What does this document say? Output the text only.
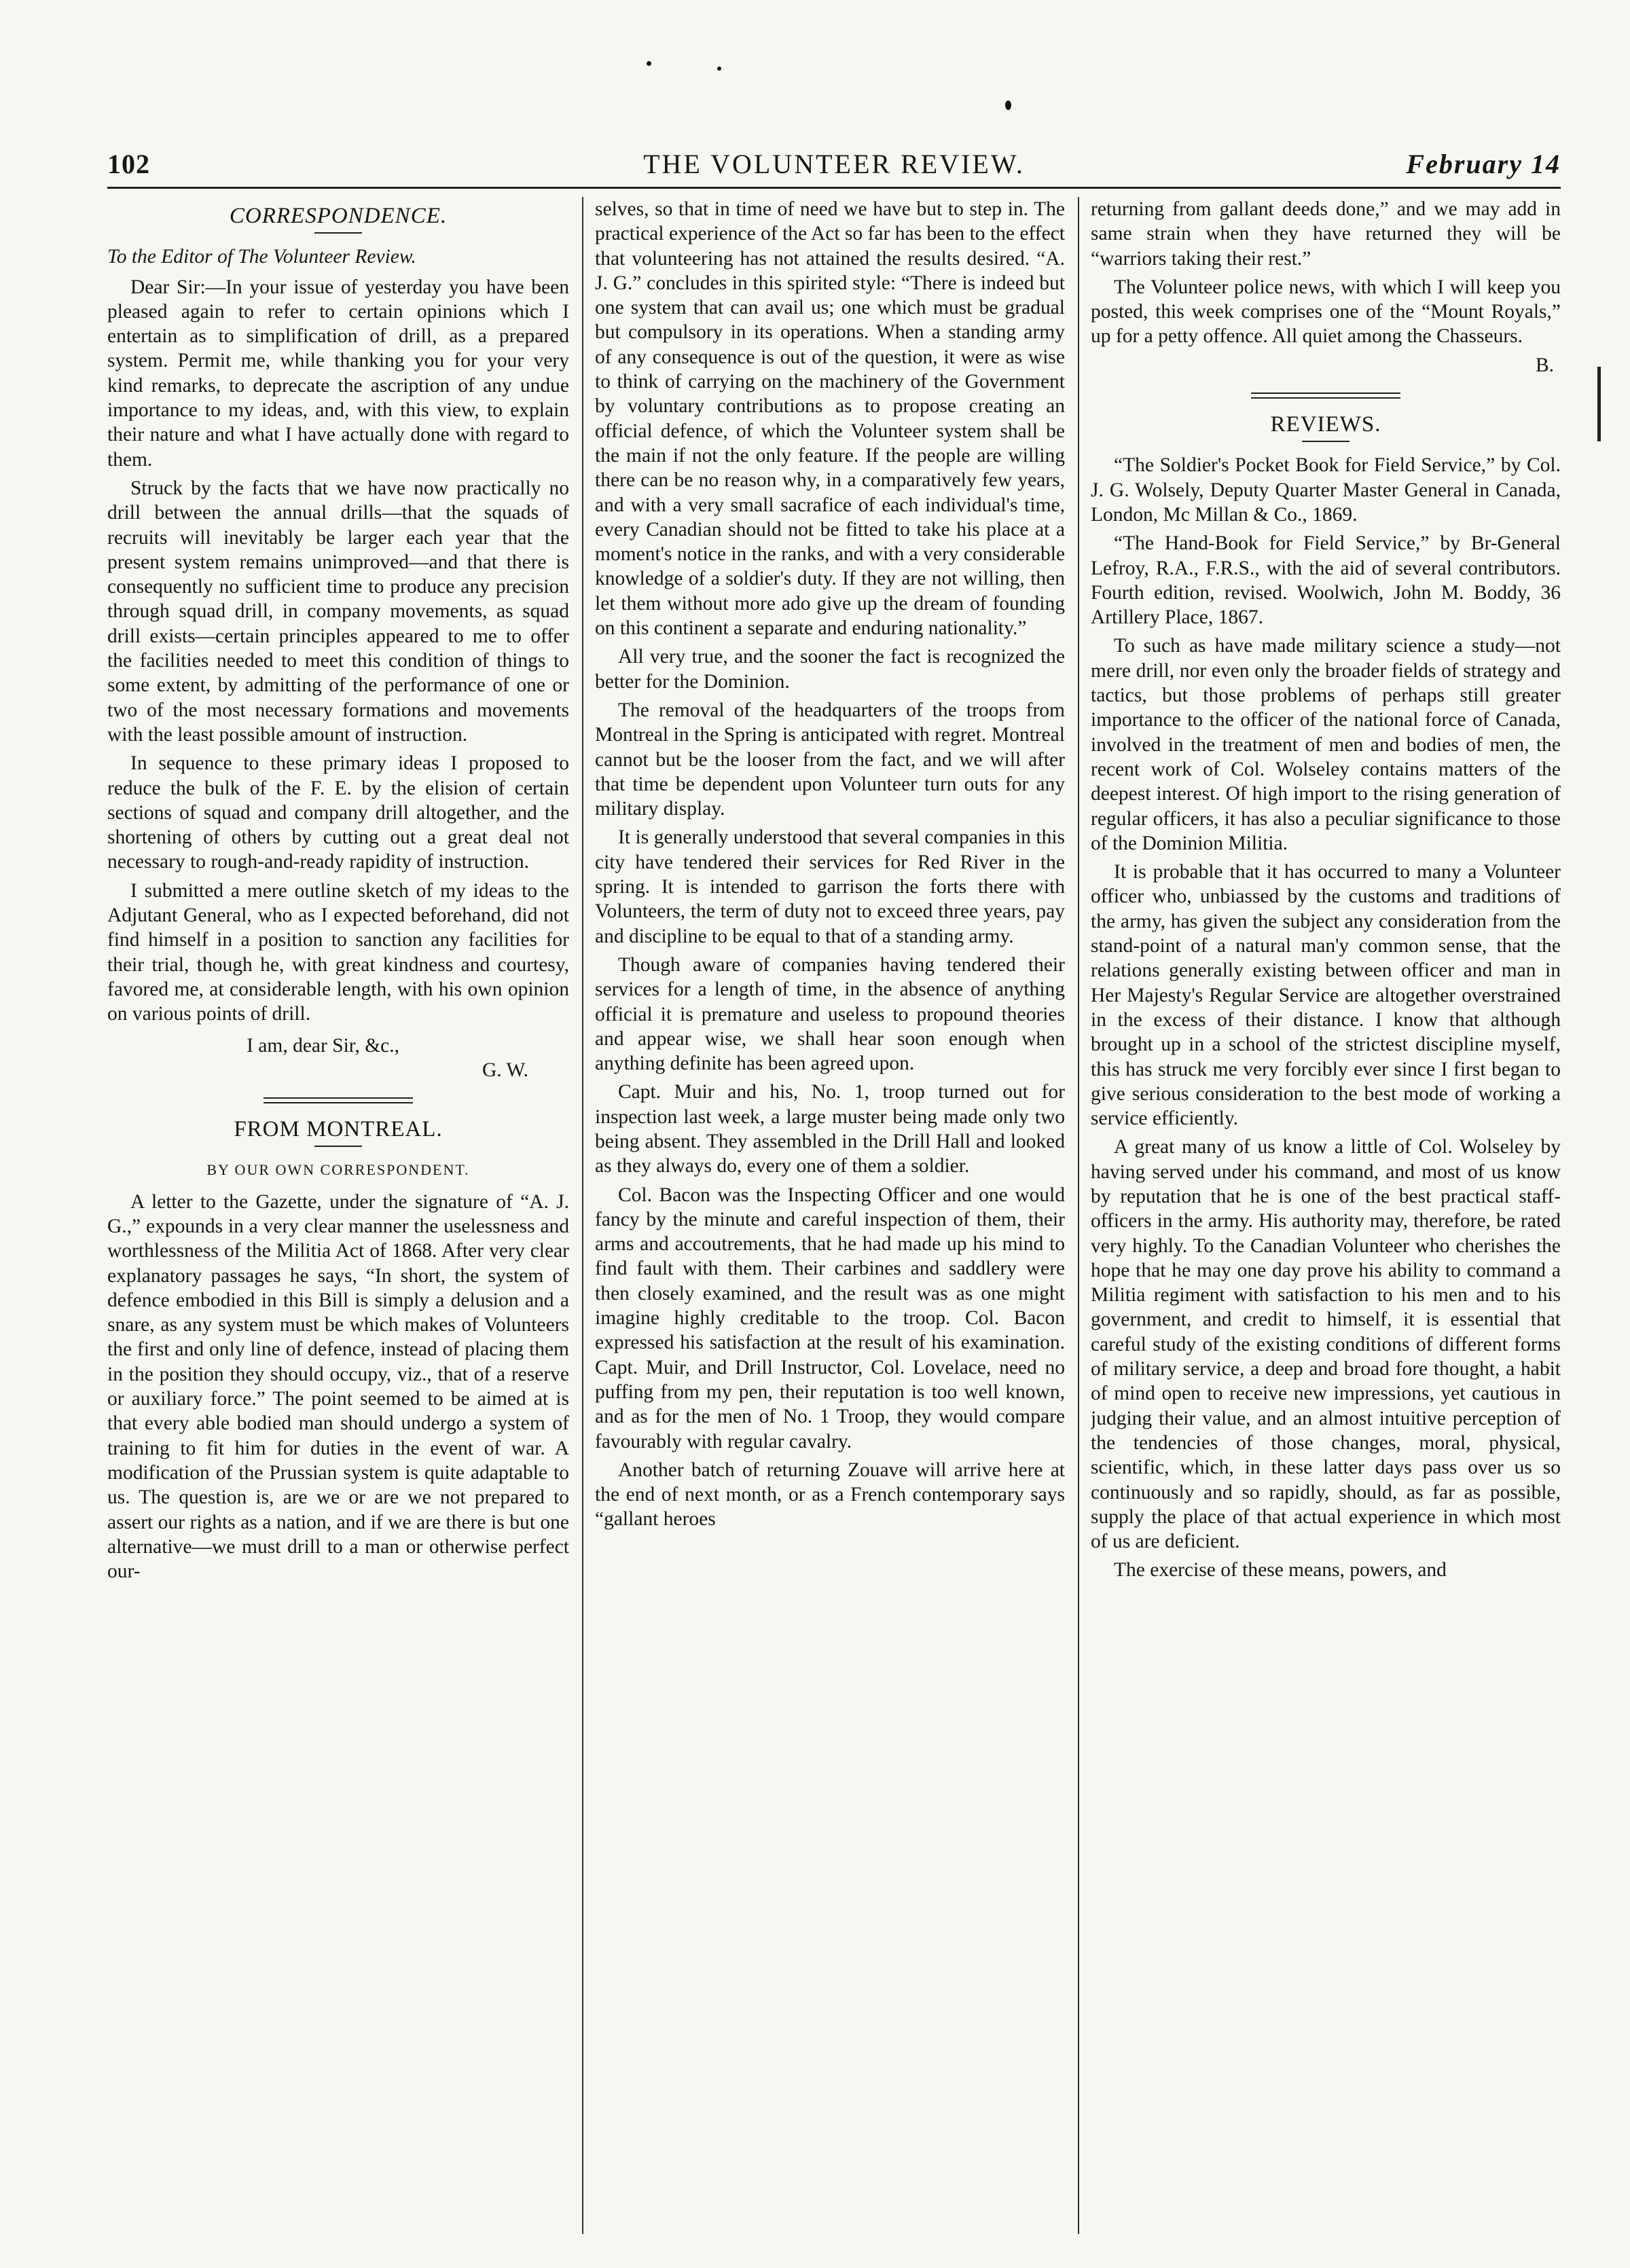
102	THE VOLUNTEER REVIEW.	February 14
CORRESPONDENCE.

To the Editor of The Volunteer Review.

Dear Sir:—In your issue of yesterday you have been pleased again to refer to certain opinions which I entertain as to simplification of drill, as a prepared system. Permit me, while thanking you for your very kind remarks, to deprecate the ascription of any undue importance to my ideas, and, with this view, to explain their nature and what I have actually done with regard to them.

Struck by the facts that we have now practically no drill between the annual drills—that the squads of recruits will inevitably be larger each year that the present system remains unimproved—and that there is consequently no sufficient time to produce any precision through squad drill, in company movements, as squad drill exists—certain principles appeared to me to offer the facilities needed to meet this condition of things to some extent, by admitting of the performance of one or two of the most necessary formations and movements with the least possible amount of instruction.

In sequence to these primary ideas I proposed to reduce the bulk of the F. E. by the elision of certain sections of squad and company drill altogether, and the shortening of others by cutting out a great deal not necessary to rough-and-ready rapidity of instruction.

I submitted a mere outline sketch of my ideas to the Adjutant General, who as I expected beforehand, did not find himself in a position to sanction any facilities for their trial, though he, with great kindness and courtesy, favored me, at considerable length, with his own opinion on various points of drill.

I am, dear Sir, &c.,

G. W.

FROM MONTREAL.
BY OUR OWN CORRESPONDENT.

A letter to the Gazette, under the signature of “A. J. G.,” expounds in a very clear manner the uselessness and worthlessness of the Militia Act of 1868. After very clear explanatory passages he says, “In short, the system of defence embodied in this Bill is simply a delusion and a snare, as any system must be which makes of Volunteers the first and only line of defence, instead of placing them in the position they should occupy, viz., that of a reserve or auxiliary force.” The point seemed to be aimed at is that every able bodied man should undergo a system of training to fit him for duties in the event of war. A modification of the Prussian system is quite adaptable to us. The question is, are we or are we not prepared to assert our rights as a nation, and if we are there is but one alternative—we must drill to a man or otherwise perfect our-

selves, so that in time of need we have but to step in. The practical experience of the Act so far has been to the effect that volunteering has not attained the results desired. “A. J. G.” concludes in this spirited style: “There is indeed but one system that can avail us; one which must be gradual but compulsory in its operations. When a standing army of any consequence is out of the question, it were as wise to think of carrying on the machinery of the Government by voluntary contributions as to propose creating an official defence, of which the Volunteer system shall be the main if not the only feature. If the people are willing there can be no reason why, in a comparatively few years, and with a very small sacrafice of each individual's time, every Canadian should not be fitted to take his place at a moment's notice in the ranks, and with a very considerable knowledge of a soldier's duty. If they are not willing, then let them without more ado give up the dream of founding on this continent a separate and enduring nationality.”

All very true, and the sooner the fact is recognized the better for the Dominion.

The removal of the headquarters of the troops from Montreal in the Spring is anticipated with regret. Montreal cannot but be the looser from the fact, and we will after that time be dependent upon Volunteer turn outs for any military display.

It is generally understood that several companies in this city have tendered their services for Red River in the spring. It is intended to garrison the forts there with Volunteers, the term of duty not to exceed three years, pay and discipline to be equal to that of a standing army.

Though aware of companies having tendered their services for a length of time, in the absence of anything official it is premature and useless to propound theories and appear wise, we shall hear soon enough when anything definite has been agreed upon.

Capt. Muir and his, No. 1, troop turned out for inspection last week, a large muster being made only two being absent. They assembled in the Drill Hall and looked as they always do, every one of them a soldier.

Col. Bacon was the Inspecting Officer and one would fancy by the minute and careful inspection of them, their arms and accoutrements, that he had made up his mind to find fault with them. Their carbines and saddlery were then closely examined, and the result was as one might imagine highly creditable to the troop. Col. Bacon expressed his satisfaction at the result of his examination. Capt. Muir, and Drill Instructor, Col. Lovelace, need no puffing from my pen, their reputation is too well known, and as for the men of No. 1 Troop, they would compare favourably with regular cavalry.

Another batch of returning Zouave will arrive here at the end of next month, or as a French contemporary says “gallant heroes

returning from gallant deeds done,” and we may add in same strain when they have returned they will be “warriors taking their rest.”

The Volunteer police news, with which I will keep you posted, this week comprises one of the “Mount Royals,” up for a petty offence. All quiet among the Chasseurs.

B.

REVIEWS.

“The Soldier's Pocket Book for Field Service,” by Col. J. G. Wolsely, Deputy Quarter Master General in Canada, London, Mc Millan & Co., 1869.

“The Hand-Book for Field Service,” by Br-General Lefroy, R.A., F.R.S., with the aid of several contributors. Fourth edition, revised. Woolwich, John M. Boddy, 36 Artillery Place, 1867.

To such as have made military science a study—not mere drill, nor even only the broader fields of strategy and tactics, but those problems of perhaps still greater importance to the officer of the national force of Canada, involved in the treatment of men and bodies of men, the recent work of Col. Wolseley contains matters of the deepest interest. Of high import to the rising generation of regular officers, it has also a peculiar significance to those of the Dominion Militia.

It is probable that it has occurred to many a Volunteer officer who, unbiassed by the customs and traditions of the army, has given the subject any consideration from the stand-point of a natural man'y common sense, that the relations generally existing between officer and man in Her Majesty's Regular Service are altogether overstrained in the excess of their distance. I know that although brought up in a school of the strictest discipline myself, this has struck me very forcibly ever since I first began to give serious consideration to the best mode of working a service efficiently.

A great many of us know a little of Col. Wolseley by having served under his command, and most of us know by reputation that he is one of the best practical staff-officers in the army. His authority may, therefore, be rated very highly. To the Canadian Volunteer who cherishes the hope that he may one day prove his ability to command a Militia regiment with satisfaction to his men and to his government, and credit to himself, it is essential that careful study of the existing conditions of different forms of military service, a deep and broad fore thought, a habit of mind open to receive new impressions, yet cautious in judging their value, and an almost intuitive perception of the tendencies of those changes, moral, physical, scientific, which, in these latter days pass over us so continuously and so rapidly, should, as far as possible, supply the place of that actual experience in which most of us are deficient.

The exercise of these means, powers, and
